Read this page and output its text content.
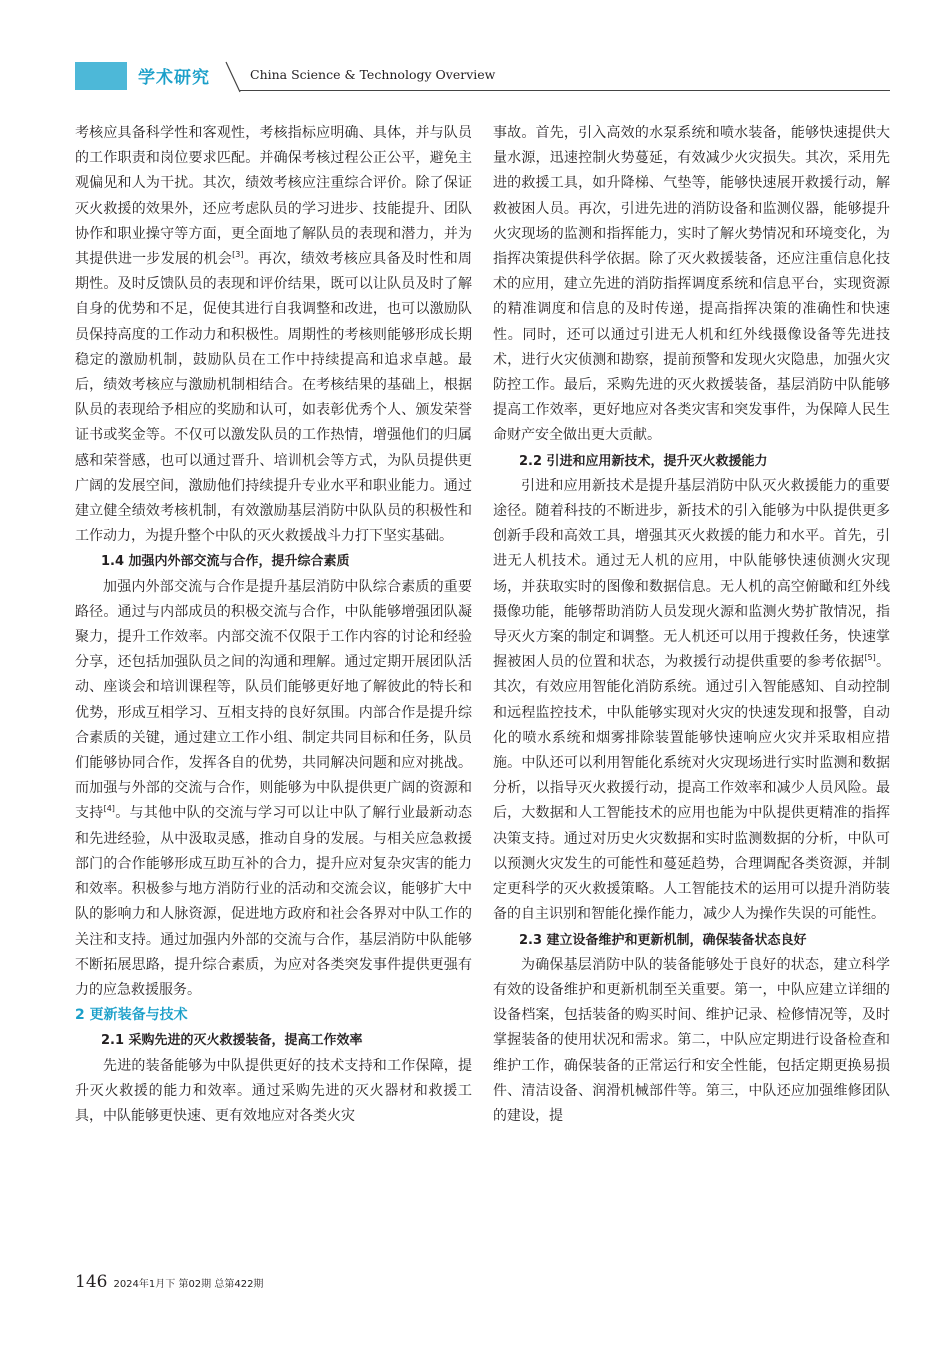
学术研究	China Science & Technology Overview

考核应具备科学性和客观性，考核指标应明确、具体，并与队员的工作职责和岗位要求匹配。并确保考核过程公正公平，避免主观偏见和人为干扰。其次，绩效考核应注重综合评价。除了保证灭火救援的效果外，还应考虑队员的学习进步、技能提升、团队协作和职业操守等方面，更全面地了解队员的表现和潜力，并为其提供进一步发展的机会[3]。再次，绩效考核应具备及时性和周期性。及时反馈队员的表现和评价结果，既可以让队员及时了解自身的优势和不足，促使其进行自我调整和改进，也可以激励队员保持高度的工作动力和积极性。周期性的考核则能够形成长期稳定的激励机制，鼓励队员在工作中持续提高和追求卓越。最后，绩效考核应与激励机制相结合。在考核结果的基础上，根据队员的表现给予相应的奖励和认可，如表彰优秀个人、颁发荣誉证书或奖金等。不仅可以激发队员的工作热情，增强他们的归属感和荣誉感，也可以通过晋升、培训机会等方式，为队员提供更广阔的发展空间，激励他们持续提升专业水平和职业能力。通过建立健全绩效考核机制，有效激励基层消防中队队员的积极性和工作动力，为提升整个中队的灭火救援战斗力打下坚实基础。

1.4 加强内外部交流与合作，提升综合素质

加强内外部交流与合作是提升基层消防中队综合素质的重要路径。通过与内部成员的积极交流与合作，中队能够增强团队凝聚力，提升工作效率。内部交流不仅限于工作内容的讨论和经验分享，还包括加强队员之间的沟通和理解。通过定期开展团队活动、座谈会和培训课程等，队员们能够更好地了解彼此的特长和优势，形成互相学习、互相支持的良好氛围。内部合作是提升综合素质的关键，通过建立工作小组、制定共同目标和任务，队员们能够协同合作，发挥各自的优势，共同解决问题和应对挑战。而加强与外部的交流与合作，则能够为中队提供更广阔的资源和支持[4]。与其他中队的交流与学习可以让中队了解行业最新动态和先进经验，从中汲取灵感，推动自身的发展。与相关应急救援部门的合作能够形成互助互补的合力，提升应对复杂灾害的能力和效率。积极参与地方消防行业的活动和交流会议，能够扩大中队的影响力和人脉资源，促进地方政府和社会各界对中队工作的关注和支持。通过加强内外部的交流与合作，基层消防中队能够不断拓展思路，提升综合素质，为应对各类突发事件提供更强有力的应急救援服务。

2 更新装备与技术
2.1 采购先进的灭火救援装备，提高工作效率

先进的装备能够为中队提供更好的技术支持和工作保障，提升灭火救援的能力和效率。通过采购先进的灭火器材和救援工具，中队能够更快速、更有效地应对各类火灾

事故。首先，引入高效的水泵系统和喷水装备，能够快速提供大量水源，迅速控制火势蔓延，有效减少火灾损失。其次，采用先进的救援工具，如升降梯、气垫等，能够快速展开救援行动，解救被困人员。再次，引进先进的消防设备和监测仪器，能够提升火灾现场的监测和指挥能力，实时了解火势情况和环境变化，为指挥决策提供科学依据。除了灭火救援装备，还应注重信息化技术的应用，建立先进的消防指挥调度系统和信息平台，实现资源的精准调度和信息的及时传递，提高指挥决策的准确性和快速性。同时，还可以通过引进无人机和红外线摄像设备等先进技术，进行火灾侦测和勘察，提前预警和发现火灾隐患，加强火灾防控工作。最后，采购先进的灭火救援装备，基层消防中队能够提高工作效率，更好地应对各类灾害和突发事件，为保障人民生命财产安全做出更大贡献。

2.2 引进和应用新技术，提升灭火救援能力

引进和应用新技术是提升基层消防中队灭火救援能力的重要途径。随着科技的不断进步，新技术的引入能够为中队提供更多创新手段和高效工具，增强其灭火救援的能力和水平。首先，引进无人机技术。通过无人机的应用，中队能够快速侦测火灾现场，并获取实时的图像和数据信息。无人机的高空俯瞰和红外线摄像功能，能够帮助消防人员发现火源和监测火势扩散情况，指导灭火方案的制定和调整。无人机还可以用于搜救任务，快速掌握被困人员的位置和状态，为救援行动提供重要的参考依据[5]。其次，有效应用智能化消防系统。通过引入智能感知、自动控制和远程监控技术，中队能够实现对火灾的快速发现和报警，自动化的喷水系统和烟雾排除装置能够快速响应火灾并采取相应措施。中队还可以利用智能化系统对火灾现场进行实时监测和数据分析，以指导灭火救援行动，提高工作效率和减少人员风险。最后，大数据和人工智能技术的应用也能为中队提供更精准的指挥决策支持。通过对历史火灾数据和实时监测数据的分析，中队可以预测火灾发生的可能性和蔓延趋势，合理调配各类资源，并制定更科学的灭火救援策略。人工智能技术的运用可以提升消防装备的自主识别和智能化操作能力，减少人为操作失误的可能性。

2.3 建立设备维护和更新机制，确保装备状态良好

为确保基层消防中队的装备能够处于良好的状态，建立科学有效的设备维护和更新机制至关重要。第一，中队应建立详细的设备档案，包括装备的购买时间、维护记录、检修情况等，及时掌握装备的使用状况和需求。第二，中队应定期进行设备检查和维护工作，确保装备的正常运行和安全性能，包括定期更换易损件、清洁设备、润滑机械部件等。第三，中队还应加强维修团队的建设，提

146 2024年1月下 第02期 总第422期
